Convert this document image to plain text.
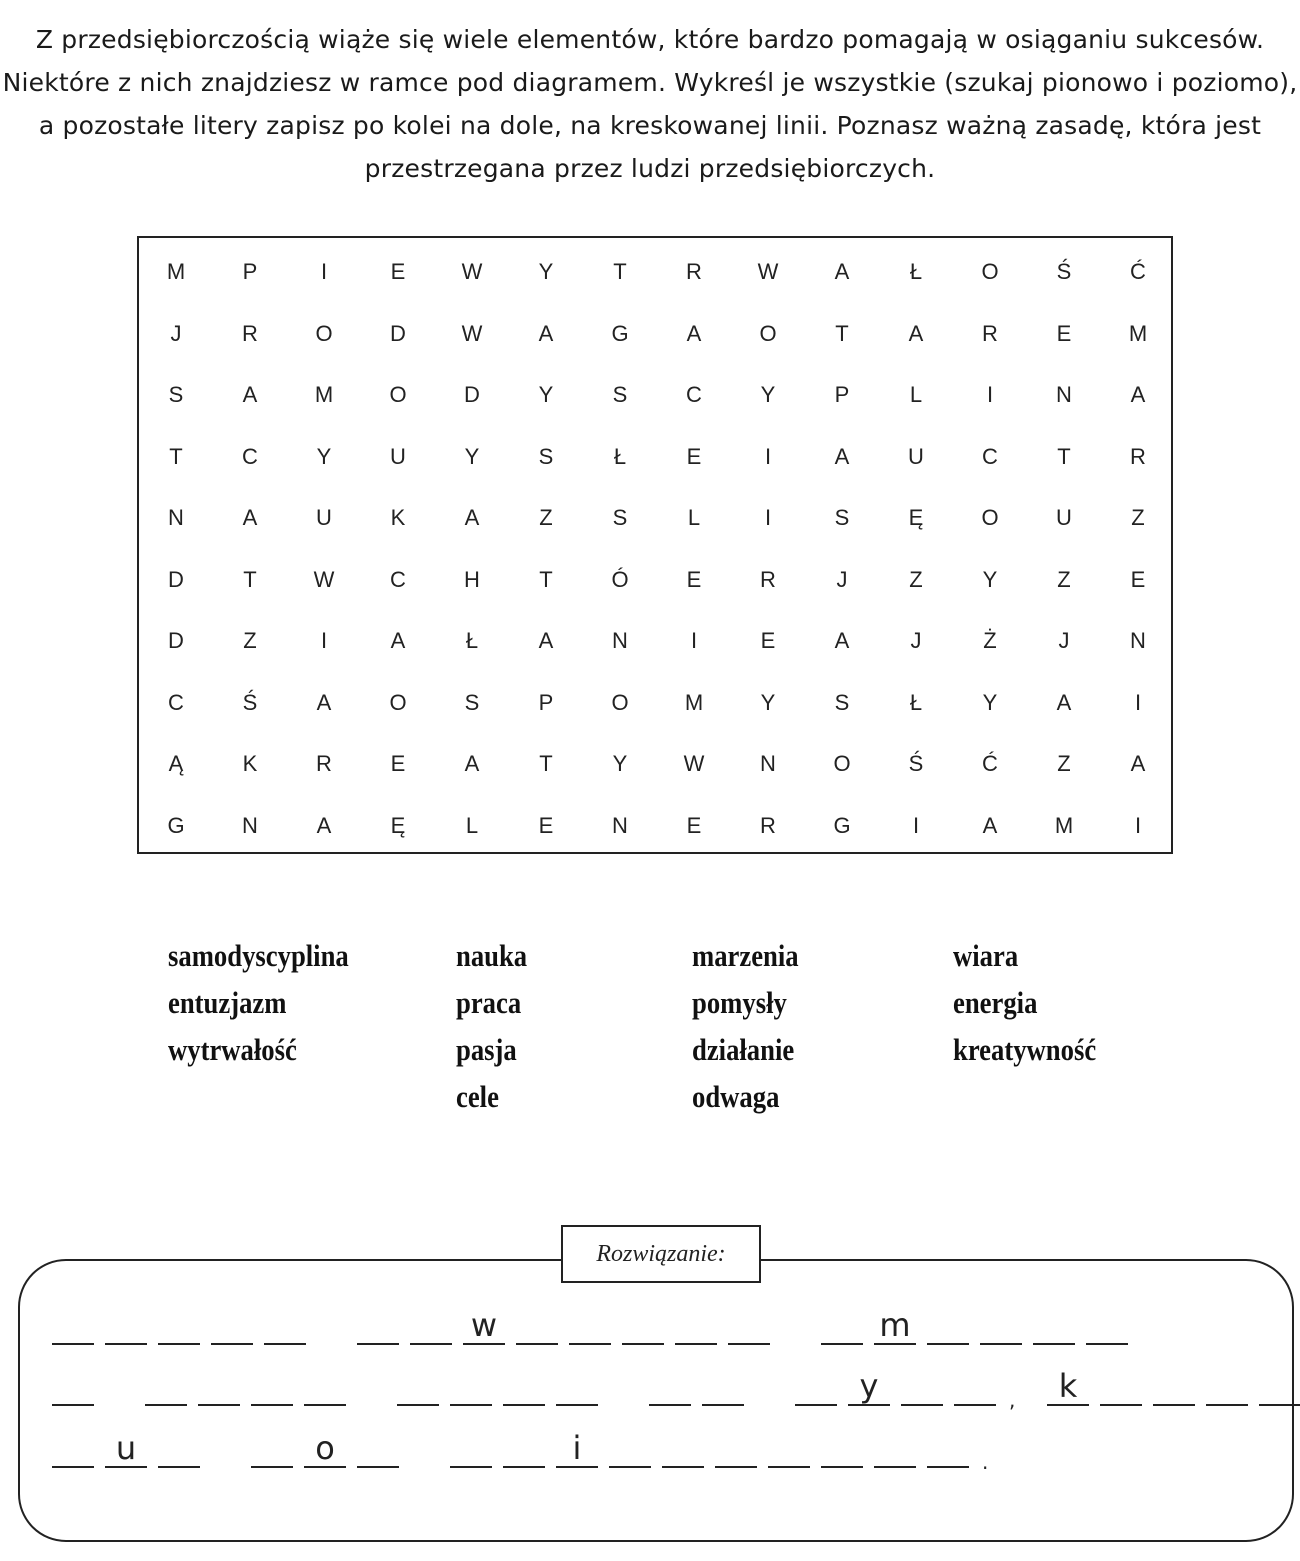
Z przedsiębiorczością wiąże się wiele elementów, które bardzo pomagają w osiąganiu sukcesów.
Niektóre z nich znajdziesz w ramce pod diagramem. Wykreśl je wszystkie (szukaj pionowo i poziomo),
a pozostałe litery zapisz po kolei na dole, na kreskowanej linii. Poznasz ważną zasadę, która jest
przestrzegana przez ludzi przedsiębiorczych.
M	P	I	E	W	Y	T	R	W	A	Ł	O	Ś	Ć
J	R	O	D	W	A	G	A	O	T	A	R	E	M
S	A	M	O	D	Y	S	C	Y	P	L	I	N	A
T	C	Y	U	Y	S	Ł	E	I	A	U	C	T	R
N	A	U	K	A	Z	S	L	I	S	Ę	O	U	Z
D	T	W	C	H	T	Ó	E	R	J	Z	Y	Z	E
D	Z	I	A	Ł	A	N	I	E	A	J	Ż	J	N
C	Ś	A	O	S	P	O	M	Y	S	Ł	Y	A	I
Ą	K	R	E	A	T	Y	W	N	O	Ś	Ć	Z	A
G	N	A	Ę	L	E	N	E	R	G	I	A	M	I
samodyscyplina
entuzjazm
wytrwałość
nauka
praca
pasja
cele
marzenia
pomysły
działanie
odwaga
wiara
energia
kreatywność
Rozwiązanie:
w	m
y	,	k
u	o	i	.
